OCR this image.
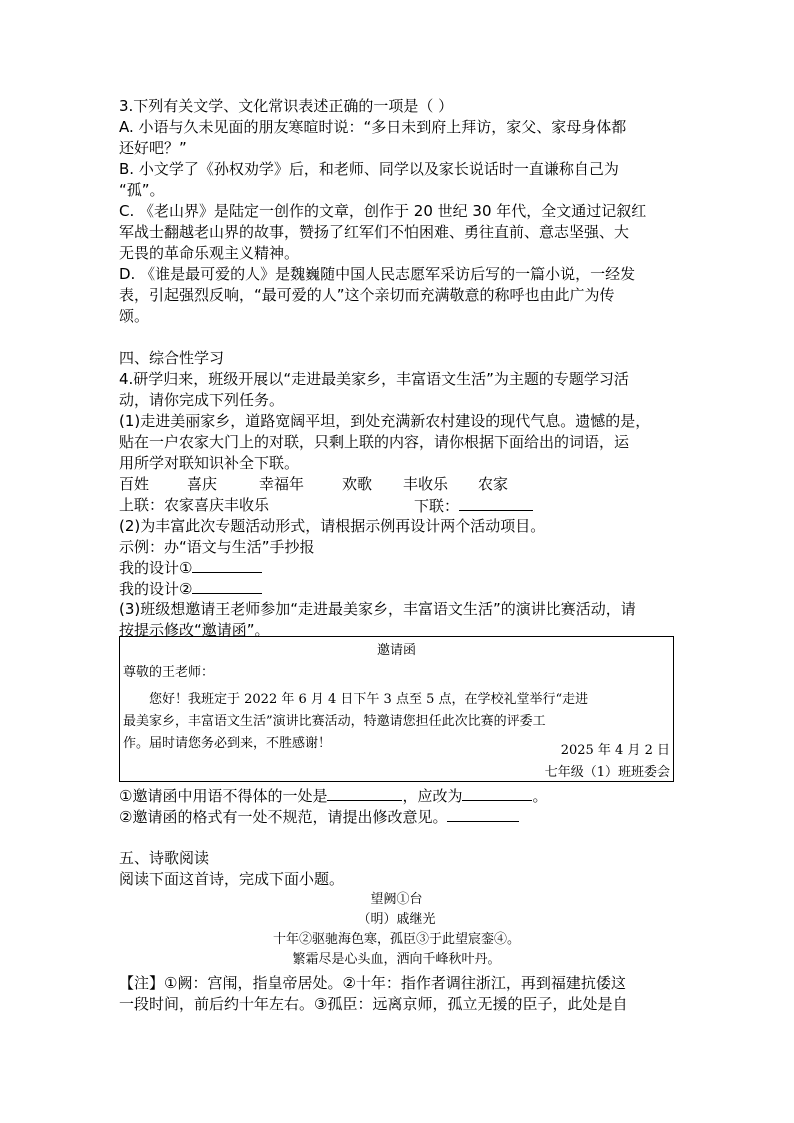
3.下列有关文学、文化常识表述正确的一项是（ ）
A. 小语与久未见面的朋友寒暄时说：“多日未到府上拜访，家父、家母身体都
还好吧？”
B. 小文学了《孙权劝学》后，和老师、同学以及家长说话时一直谦称自己为
“孤”。
C. 《老山界》是陆定一创作的文章，创作于 20 世纪 30 年代，全文通过记叙红
军战士翻越老山界的故事，赞扬了红军们不怕困难、勇往直前、意志坚强、大
无畏的革命乐观主义精神。
D. 《谁是最可爱的人》是魏巍随中国人民志愿军采访后写的一篇小说，一经发
表，引起强烈反响，“最可爱的人”这个亲切而充满敬意的称呼也由此广为传
颂。
四、综合性学习
4.研学归来，班级开展以“走进最美家乡，丰富语文生活”为主题的专题学习活
动，请你完成下列任务。
(1)走进美丽家乡，道路宽阔平坦，到处充满新农村建设的现代气息。遗憾的是，
贴在一户农家大门上的对联，只剩上联的内容，请你根据下面给出的词语，运
用所学对联知识补全下联。
百姓	喜庆	幸福年	欢歌 丰收乐 农家
上联：农家喜庆丰收乐	下联：
(2)为丰富此次专题活动形式，请根据示例再设计两个活动项目。
示例：办“语文与生活”手抄报
我的设计①
我的设计②
(3)班级想邀请王老师参加“走进最美家乡，丰富语文生活”的演讲比赛活动，请
按提示修改“邀请函”。
邀请函
尊敬的王老师：
您好！我班定于 2022 年 6 月 4 日下午 3 点至 5 点，在学校礼堂举行“走进
最美家乡，丰富语文生活”演讲比赛活动，特邀请您担任此次比赛的评委工
作。届时请您务必到来，不胜感谢！	2025 年 4 月 2 日
七年级（1）班班委会
①邀请函中用语不得体的一处是	，应改为	。
②邀请函的格式有一处不规范，请提出修改意见。
五、诗歌阅读
阅读下面这首诗，完成下面小题。
望阙①台
（明）戚继光
十年②驱驰海色寒，孤臣③于此望宸銮④。
繁霜尽是心头血，洒向千峰秋叶丹。
【注】①阙：宫闱，指皇帝居处。②十年：指作者调往浙江，再到福建抗倭这
一段时间，前后约十年左右。③孤臣：远离京师，孤立无援的臣子，此处是自
